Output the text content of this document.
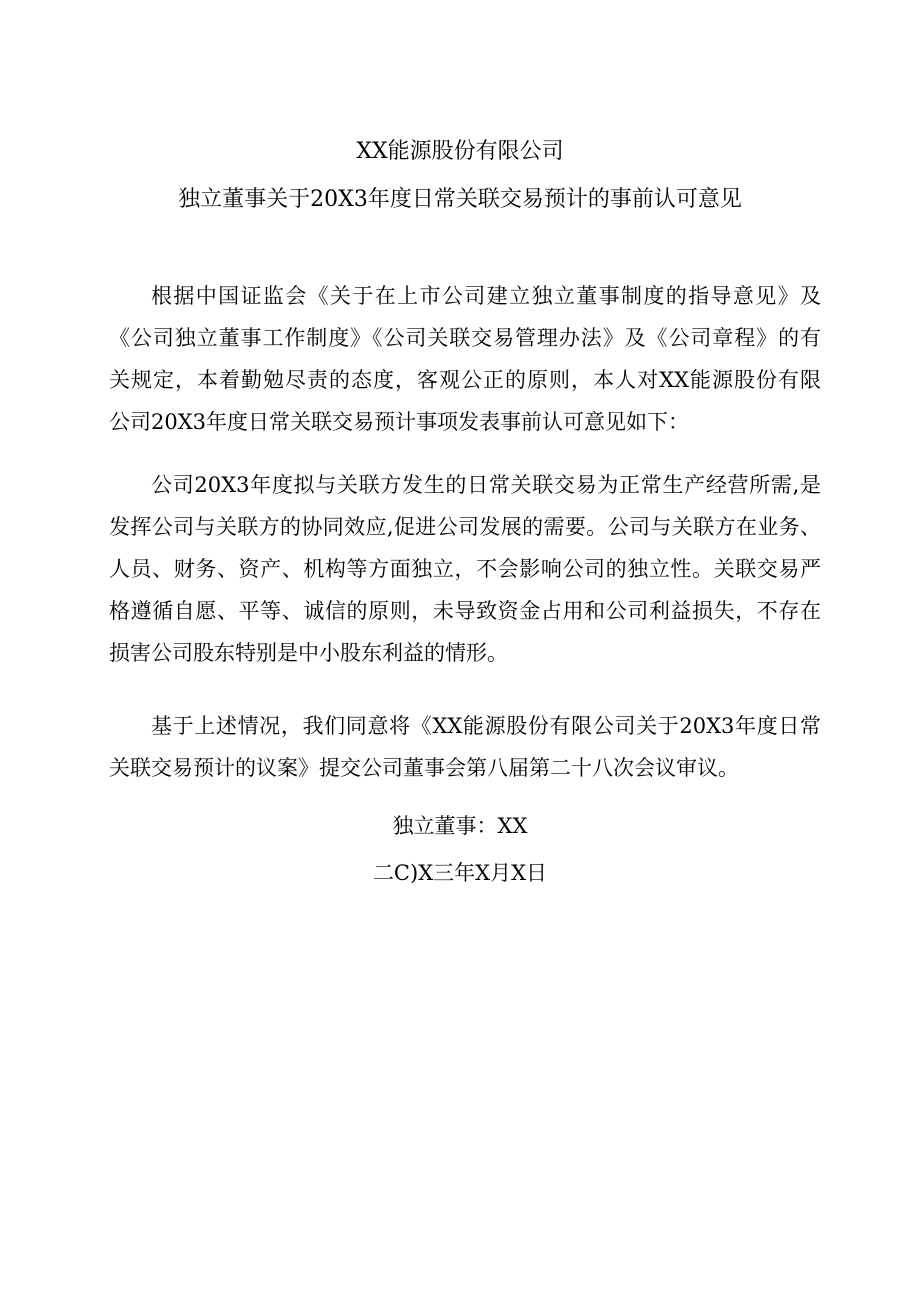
XX能源股份有限公司
独立董事关于20X3年度日常关联交易预计的事前认可意见
根据中国证监会《关于在上市公司建立独立董事制度的指导意见》及
《公司独立董事工作制度》《公司关联交易管理办法》及《公司章程》的有
关规定，本着勤勉尽责的态度，客观公正的原则，本人对XX能源股份有限
公司20X3年度日常关联交易预计事项发表事前认可意见如下：
公司20X3年度拟与关联方发生的日常关联交易为正常生产经营所需,是
发挥公司与关联方的协同效应,促进公司发展的需要。公司与关联方在业务、
人员、财务、资产、机构等方面独立，不会影响公司的独立性。关联交易严
格遵循自愿、平等、诚信的原则，未导致资金占用和公司利益损失，不存在
损害公司股东特别是中小股东利益的情形。
基于上述情况，我们同意将《XX能源股份有限公司关于20X3年度日常
关联交易预计的议案》提交公司董事会第八届第二十八次会议审议。
独立董事：XX
二C)X三年X月X日
